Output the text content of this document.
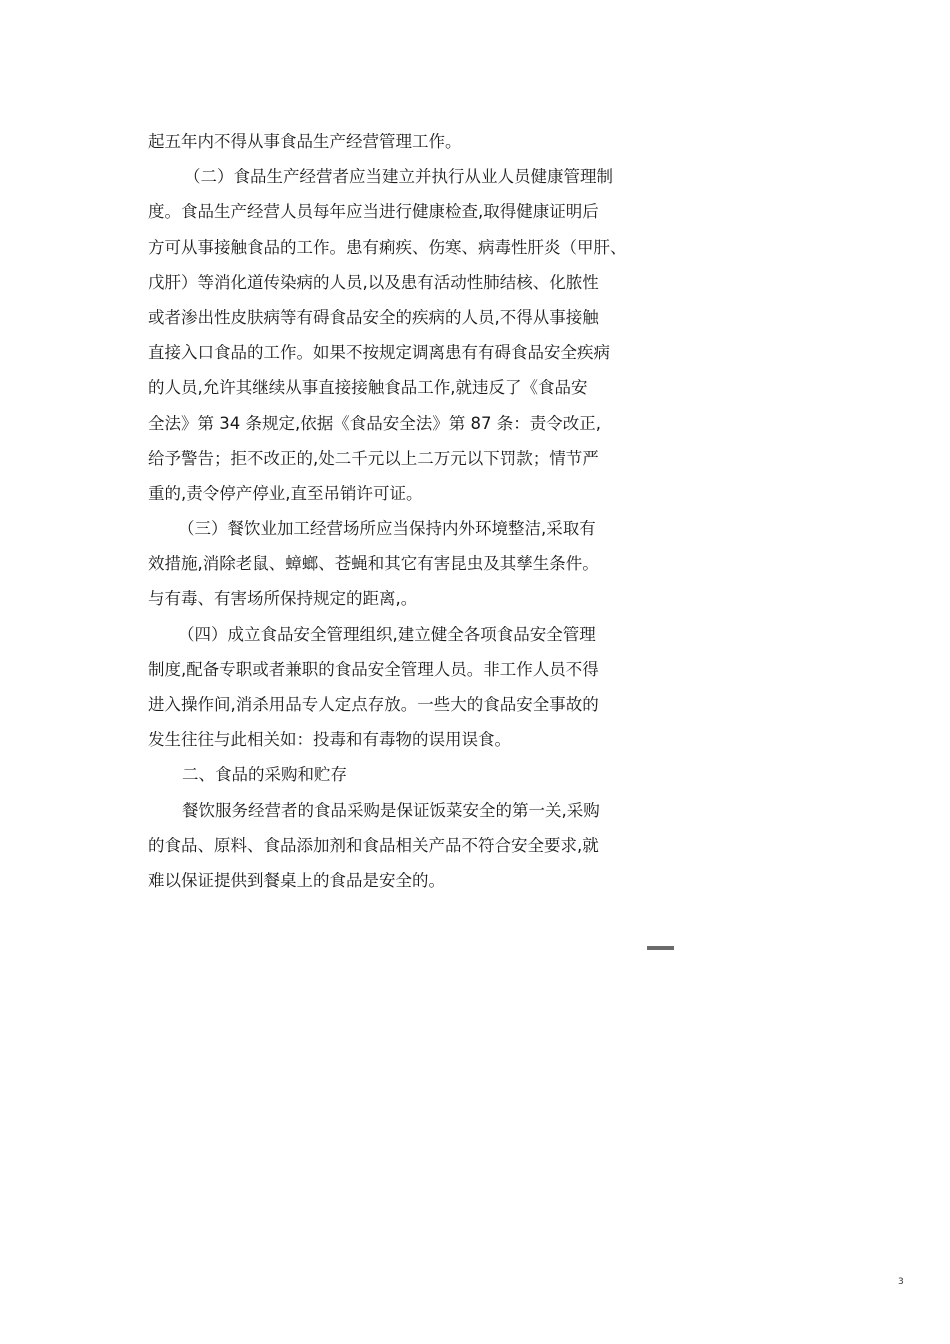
起五年内不得从事食品生产经营管理工作。
（二）食品生产经营者应当建立并执行从业人员健康管理制
度。食品生产经营人员每年应当进行健康检查,取得健康证明后
方可从事接触食品的工作。患有痢疾、伤寒、病毒性肝炎（甲肝、
戊肝）等消化道传染病的人员,以及患有活动性肺结核、化脓性
或者渗出性皮肤病等有碍食品安全的疾病的人员,不得从事接触
直接入口食品的工作。如果不按规定调离患有有碍食品安全疾病
的人员,允许其继续从事直接接触食品工作,就违反了《食品安
全法》第 34 条规定,依据《食品安全法》第 87 条：责令改正,
给予警告；拒不改正的,处二千元以上二万元以下罚款；情节严
重的,责令停产停业,直至吊销许可证。
（三）餐饮业加工经营场所应当保持内外环境整洁,采取有
效措施,消除老鼠、蟑螂、苍蝇和其它有害昆虫及其孳生条件。
与有毒、有害场所保持规定的距离,。
（四）成立食品安全管理组织,建立健全各项食品安全管理
制度,配备专职或者兼职的食品安全管理人员。非工作人员不得
进入操作间,消杀用品专人定点存放。一些大的食品安全事故的
发生往往与此相关如：投毒和有毒物的误用误食。
二、食品的采购和贮存
餐饮服务经营者的食品采购是保证饭菜安全的第一关,采购
的食品、原料、食品添加剂和食品相关产品不符合安全要求,就
难以保证提供到餐桌上的食品是安全的。
3
